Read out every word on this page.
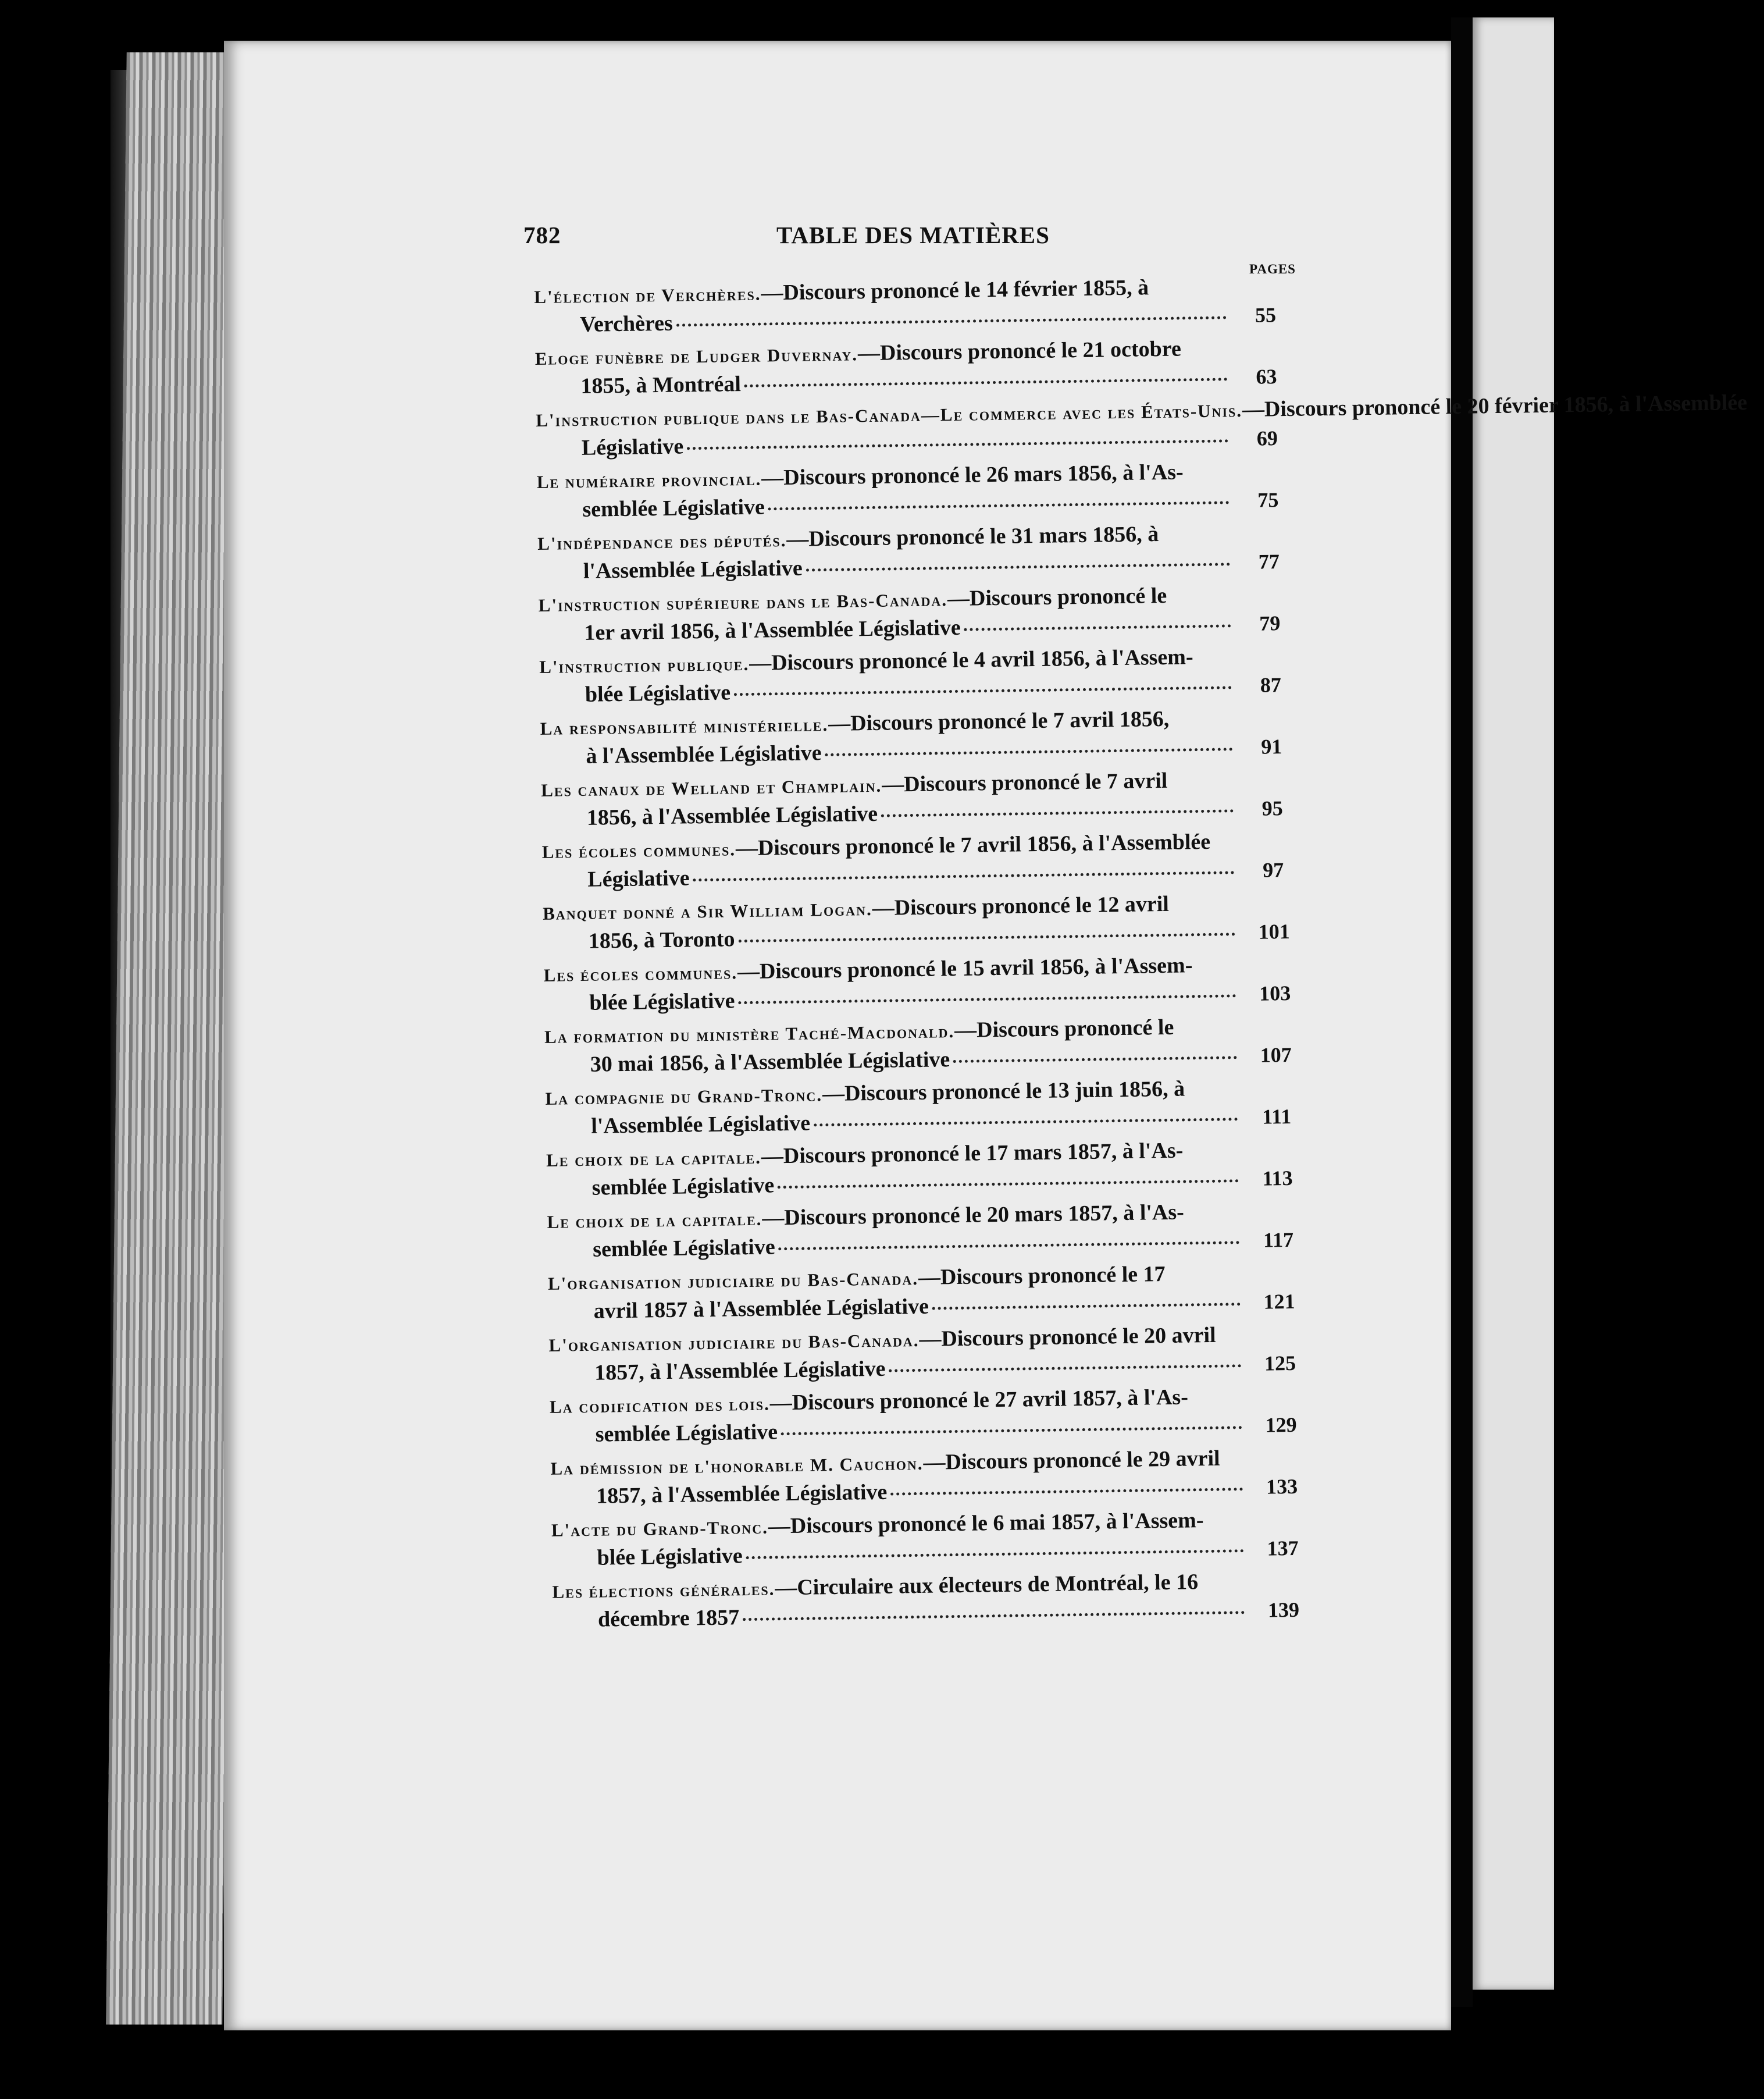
782	TABLE DES MATIÈRES
PAGES
L'élection de Verchères.—Discours prononcé le 14 février 1855, à
Verchères	55
Eloge funèbre de Ludger Duvernay.—Discours prononcé le 21 octobre
1855, à Montréal	63
L'instruction publique dans le Bas-Canada—Le commerce avec les États-Unis.—Discours prononcé le 20 février 1856, à l'Assemblée
Législative	69
Le numéraire provincial.—Discours prononcé le 26 mars 1856, à l'As-
semblée Législative	75
L'indépendance des députés.—Discours prononcé le 31 mars 1856, à
l'Assemblée Législative	77
L'instruction supérieure dans le Bas-Canada.—Discours prononcé le
1er avril 1856, à l'Assemblée Législative	79
L'instruction publique.—Discours prononcé le 4 avril 1856, à l'Assem-
blée Législative	87
La responsabilité ministérielle.—Discours prononcé le 7 avril 1856,
à l'Assemblée Législative	91
Les canaux de Welland et Champlain.—Discours prononcé le 7 avril
1856, à l'Assemblée Législative	95
Les écoles communes.—Discours prononcé le 7 avril 1856, à l'Assemblée
Législative	97
Banquet donné a Sir William Logan.—Discours prononcé le 12 avril
1856, à Toronto	101
Les écoles communes.—Discours prononcé le 15 avril 1856, à l'Assem-
blée Législative	103
La formation du ministère Taché-Macdonald.—Discours prononcé le
30 mai 1856, à l'Assemblée Législative	107
La compagnie du Grand-Tronc.—Discours prononcé le 13 juin 1856, à
l'Assemblée Législative	111
Le choix de la capitale.—Discours prononcé le 17 mars 1857, à l'As-
semblée Législative	113
Le choix de la capitale.—Discours prononcé le 20 mars 1857, à l'As-
semblée Législative	117
L'organisation judiciaire du Bas-Canada.—Discours prononcé le 17
avril 1857 à l'Assemblée Législative	121
L'organisation judiciaire du Bas-Canada.—Discours prononcé le 20 avril
1857, à l'Assemblée Législative	125
La codification des lois.—Discours prononcé le 27 avril 1857, à l'As-
semblée Législative	129
La démission de l'honorable M. Cauchon.—Discours prononcé le 29 avril
1857, à l'Assemblée Législative	133
L'acte du Grand-Tronc.—Discours prononcé le 6 mai 1857, à l'Assem-
blée Législative	137
Les élections générales.—Circulaire aux électeurs de Montréal, le 16
décembre 1857	139
